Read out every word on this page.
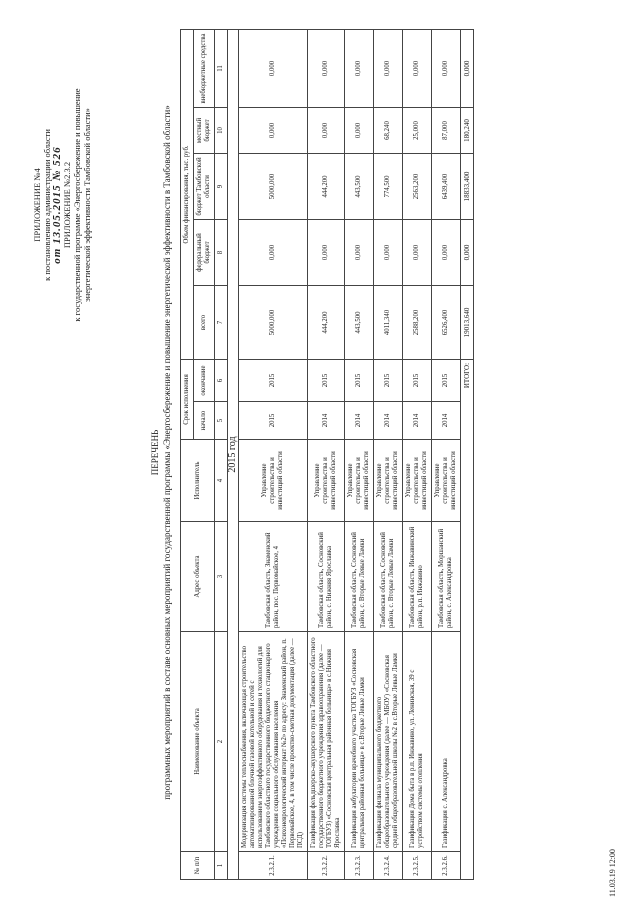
ПРИЛОЖЕНИЕ №4 к постановлению администрации области от 13.05.2015 № 526 ПРИЛОЖЕНИЕ №2.3.2 к государственной программе «Энергосбережение и повышение энергетической эффективности Тамбовской области»
ПЕРЕЧЕНЬ программных мероприятий в составе основных мероприятий государственной программы «Энергосбережение и повышение энергетической эффективности в Тамбовской области»
№ п/п	Наименование объекта	Адрес объекта	Исполнитель	Срок исполнения		Объем финансирования, тыс. руб.				
				начало	окончание	всего	федеральный бюджет	бюджет Тамбовской области	местный бюджет	внебюджетные средства
1	2	3	4	5	6	7	8	9	10	11
2015 год										
2.3.2.1.	Модернизация системы теплоснабжения, включающая строительство автоматизированной блочной газовой котельной и сетей с использованием энергоэффективного оборудования и технологий для Тамбовского областного государственного бюджетного стационарного учреждения социального обслуживания населения «Психоневрологический интернат №2» по адресу: Знаменский район, п. Первомайское, 4, в том числе проектно-сметная документация (далее — ПСД)	Тамбовская область, Знаменский район, пос. Первомайское, 4	Управление строительства и инвестиций области	2015	2015	5000,000	0,000	5000,000	0,000	0,000
2.3.2.2.	Газификация фельдшерско-акушерского пункта Тамбовского областного государственного бюджетного учреждения здравоохранения (далее — ТОГБУЗ) «Сосновская центральная районная больница» в с.Нижняя Ярославка	Тамбовская область, Сосновский район, с. Нижняя Ярославка	Управление строительства и инвестиций области	2014	2015	444,200	0,000	444,200	0,000	0,000
2.3.2.3.	Газификация амбулатории врачебного участка ТОГБУЗ «Сосновская центральная районная больница» в с.Вторые Левые Ламки	Тамбовская область, Сосновский район, с. Вторые Левые Ламки	Управление строительства и инвестиций области	2014	2015	443,500	0,000	443,500	0,000	0,000
2.3.2.4.	Газификация филиала муниципального бюджетного общеобразовательного учреждения (далее — МБОУ) «Сосновская средней общеобразовательной школы №2 в с.Вторые Левые Ламки	Тамбовская область, Сосновский район, с. Вторые Левые Ламки	Управление строительства и инвестиций области	2014	2015	4011,340	0,000	774,500	68,240	0,000
2.3.2.5.	Газификация Дома быта в р.п. Инжавино, ул. Ленинская, 39 с устройством системы отопления	Тамбовская область, Инжавинский район, р.п. Инжавино	Управление строительства и инвестиций области	2014	2015	2588,200	0,000	2563,200	25,000	0,000
2.3.2.6.	Газификация с. Александровка	Тамбовская область, Моршанский район, с. Александровка	Управление строительства и инвестиций области	2014	2015	6526,400	0,000	6439,400	87,000	0,000
ИТОГО:						19013,640	0,000	18833,400	180,240	0,000
11.03.19 12:00
